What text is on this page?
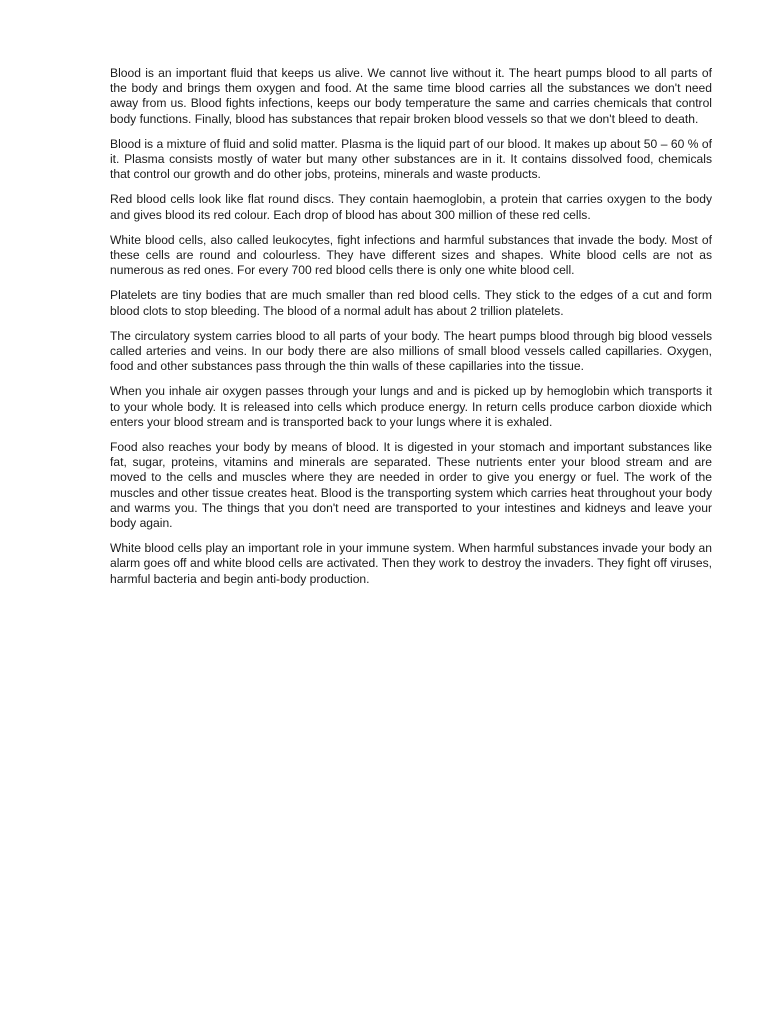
Blood is an important fluid that keeps us alive. We cannot live without it. The heart pumps blood to all parts of the body and brings them oxygen and food. At the same time blood carries all the substances we don't need away from us. Blood fights infections, keeps our body temperature the same and carries chemicals that control body functions. Finally, blood has substances that repair broken blood vessels so that we don't bleed to death.

Blood is a mixture of fluid and solid matter. Plasma is the liquid part of our blood. It makes up about 50 – 60 % of it. Plasma consists mostly of water but many other substances are in it. It contains dissolved food, chemicals that control our growth and do other jobs, proteins, minerals and waste products.

Red blood cells look like flat round discs. They contain haemoglobin, a protein that carries oxygen to the body and gives blood its red colour. Each drop of blood has about 300 million of these red cells.

White blood cells, also called leukocytes, fight infections and harmful substances that invade the body. Most of these cells are round and colourless. They have different sizes and shapes. White blood cells are not as numerous as red ones. For every 700 red blood cells there is only one white blood cell.

Platelets are tiny bodies that are much smaller than red blood cells. They stick to the edges of a cut and form blood clots to stop bleeding. The blood of a normal adult has about 2 trillion platelets.

The circulatory system carries blood to all parts of your body. The heart pumps blood through big blood vessels called arteries and veins. In our body there are also millions of small blood vessels called capillaries. Oxygen, food and other substances pass through the thin walls of these capillaries into the tissue.

When you inhale air oxygen passes through your lungs and and is picked up by hemoglobin which transports it to your whole body. It is released into cells which produce energy. In return cells produce carbon dioxide which enters your blood stream and is transported back to your lungs where it is exhaled.

Food also reaches your body by means of blood. It is digested in your stomach and important substances like fat, sugar, proteins, vitamins and minerals are separated. These nutrients enter your blood stream and are moved to the cells and muscles where they are needed in order to give you energy or fuel. The work of the muscles and other tissue creates heat. Blood is the transporting system which carries heat throughout your body and warms you. The things that you don't need are transported to your intestines and kidneys and leave your body again.

White blood cells play an important role in your immune system. When harmful substances invade your body an alarm goes off and white blood cells are activated. Then they work to destroy the invaders. They fight off viruses, harmful bacteria and begin anti-body production.
